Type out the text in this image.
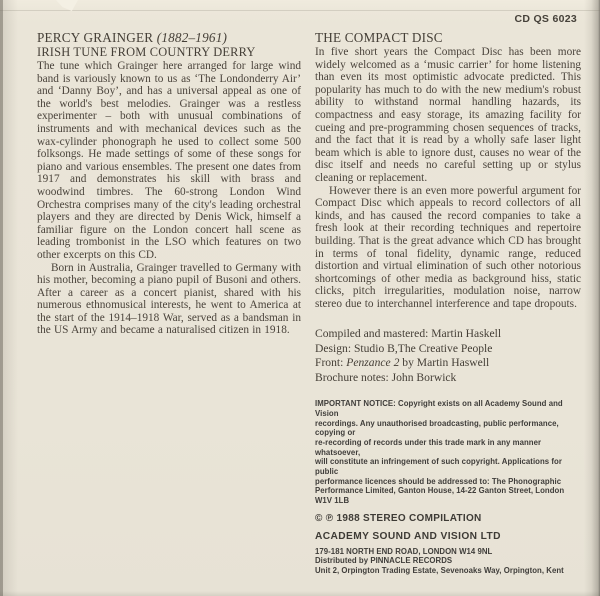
CD QS 6023
PERCY GRAINGER (1882–1961)
IRISH TUNE FROM COUNTRY DERRY

The tune which Grainger here arranged for large wind band is variously known to us as ‘The Londonderry Air’ and ‘Danny Boy’, and has a universal appeal as one of the world's best melodies. Grainger was a restless experimenter – both with unusual combinations of instruments and with mechanical devices such as the wax-cylinder phonograph he used to collect some 500 folksongs. He made settings of some of these songs for piano and various ensembles. The present one dates from 1917 and demonstrates his skill with brass and woodwind timbres. The 60-strong London Wind Orchestra comprises many of the city's leading orchestral players and they are directed by Denis Wick, himself a familiar figure on the London concert hall scene as leading trombonist in the LSO which features on two other excerpts on this CD.

Born in Australia, Grainger travelled to Germany with his mother, becoming a piano pupil of Busoni and others. After a career as a concert pianist, shared with his numerous ethnomusical interests, he went to America at the start of the 1914–1918 War, served as a bandsman in the US Army and became a naturalised citizen in 1918.

THE COMPACT DISC

In five short years the Compact Disc has been more widely welcomed as a ‘music carrier’ for home listening than even its most optimistic advocate predicted. This popularity has much to do with the new medium's robust ability to withstand normal handling hazards, its compactness and easy storage, its amazing facility for cueing and pre-programming chosen sequences of tracks, and the fact that it is read by a wholly safe laser light beam which is able to ignore dust, causes no wear of the disc itself and needs no careful setting up or stylus cleaning or replacement.

However there is an even more powerful argument for Compact Disc which appeals to record collectors of all kinds, and has caused the record companies to take a fresh look at their recording techniques and repertoire building. That is the great advance which CD has brought in terms of tonal fidelity, dynamic range, reduced distortion and virtual elimination of such other notorious shortcomings of other media as background hiss, static clicks, pitch irregularities, modulation noise, narrow stereo due to interchannel interference and tape dropouts.

Compiled and mastered: Martin Haskell
Design: Studio B,The Creative People
Front: Penzance 2 by Martin Haswell
Brochure notes: John Borwick
IMPORTANT NOTICE: Copyright exists on all Academy Sound and Vision
recordings. Any unauthorised broadcasting, public performance, copying or
re-recording of records under this trade mark in any manner whatsoever,
will constitute an infringement of such copyright. Applications for public
performance licences should be addressed to: The Phonographic
Performance Limited, Ganton House, 14-22 Ganton Street, London W1V 1LB
© ℗ 1988 STEREO COMPILATION
ACADEMY SOUND AND VISION LTD
179-181 NORTH END ROAD, LONDON W14 9NL
Distributed by PINNACLE RECORDS
Unit 2, Orpington Trading Estate, Sevenoaks Way, Orpington, Kent
